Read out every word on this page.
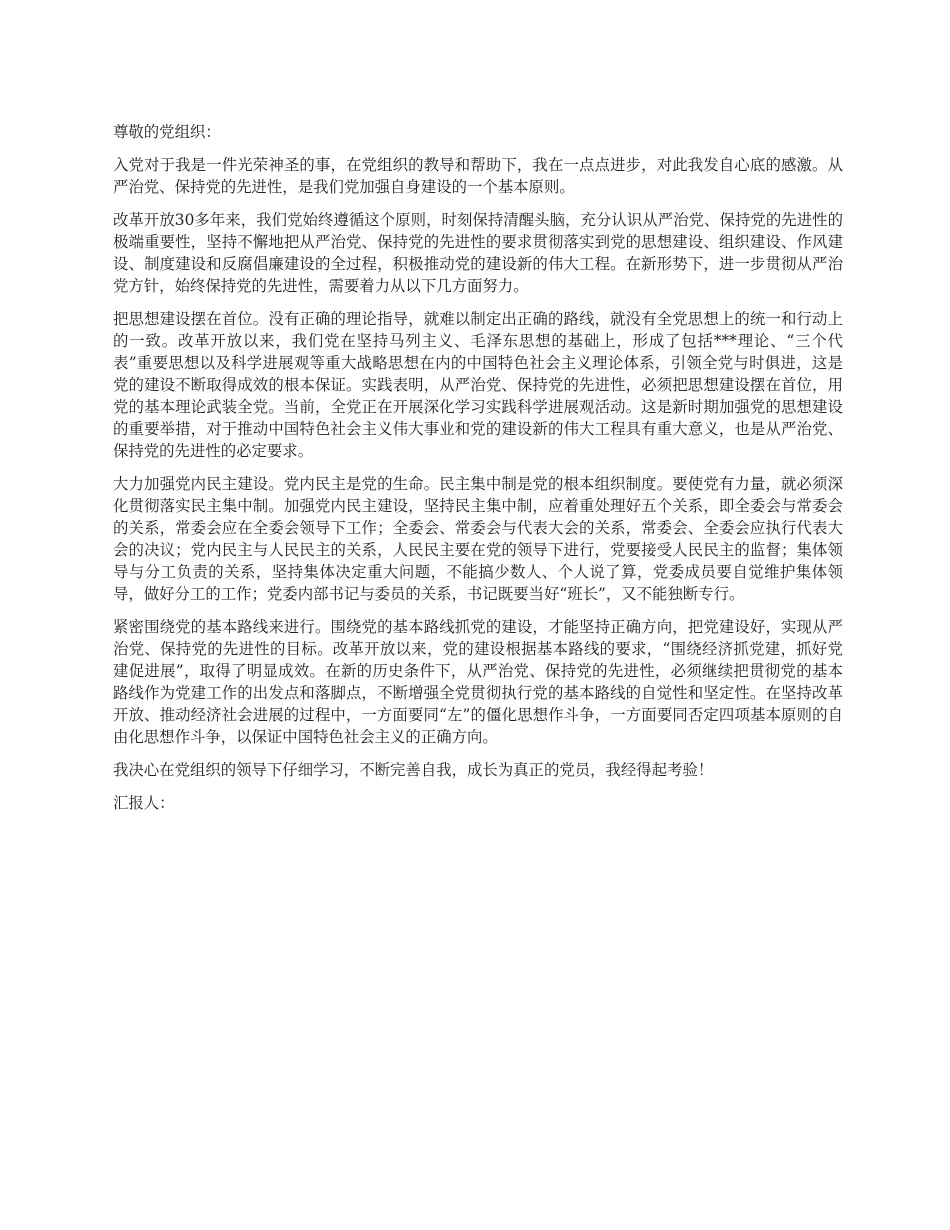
尊敬的党组织：

入党对于我是一件光荣神圣的事，在党组织的教导和帮助下，我在一点点进步，对此我发自心底的感激。从严治党、保持党的先进性，是我们党加强自身建设的一个基本原则。

改革开放30多年来，我们党始终遵循这个原则，时刻保持清醒头脑，充分认识从严治党、保持党的先进性的极端重要性，坚持不懈地把从严治党、保持党的先进性的要求贯彻落实到党的思想建设、组织建设、作风建设、制度建设和反腐倡廉建设的全过程，积极推动党的建设新的伟大工程。在新形势下，进一步贯彻从严治党方针，始终保持党的先进性，需要着力从以下几方面努力。

把思想建设摆在首位。没有正确的理论指导，就难以制定出正确的路线，就没有全党思想上的统一和行动上的一致。改革开放以来，我们党在坚持马列主义、毛泽东思想的基础上，形成了包括***理论、“三个代表”重要思想以及科学进展观等重大战略思想在内的中国特色社会主义理论体系，引领全党与时俱进，这是党的建设不断取得成效的根本保证。实践表明，从严治党、保持党的先进性，必须把思想建设摆在首位，用党的基本理论武装全党。当前，全党正在开展深化学习实践科学进展观活动。这是新时期加强党的思想建设的重要举措，对于推动中国特色社会主义伟大事业和党的建设新的伟大工程具有重大意义，也是从严治党、保持党的先进性的必定要求。

大力加强党内民主建设。党内民主是党的生命。民主集中制是党的根本组织制度。要使党有力量，就必须深化贯彻落实民主集中制。加强党内民主建设，坚持民主集中制，应着重处理好五个关系，即全委会与常委会的关系，常委会应在全委会领导下工作；全委会、常委会与代表大会的关系，常委会、全委会应执行代表大会的决议；党内民主与人民民主的关系，人民民主要在党的领导下进行，党要接受人民民主的监督；集体领导与分工负责的关系，坚持集体决定重大问题，不能搞少数人、个人说了算，党委成员要自觉维护集体领导，做好分工的工作；党委内部书记与委员的关系，书记既要当好“班长”，又不能独断专行。

紧密围绕党的基本路线来进行。围绕党的基本路线抓党的建设，才能坚持正确方向，把党建设好，实现从严治党、保持党的先进性的目标。改革开放以来，党的建设根据基本路线的要求，“围绕经济抓党建，抓好党建促进展”，取得了明显成效。在新的历史条件下，从严治党、保持党的先进性，必须继续把贯彻党的基本路线作为党建工作的出发点和落脚点，不断增强全党贯彻执行党的基本路线的自觉性和坚定性。在坚持改革开放、推动经济社会进展的过程中，一方面要同“左”的僵化思想作斗争，一方面要同否定四项基本原则的自由化思想作斗争，以保证中国特色社会主义的正确方向。

我决心在党组织的领导下仔细学习，不断完善自我，成长为真正的党员，我经得起考验！

汇报人：
